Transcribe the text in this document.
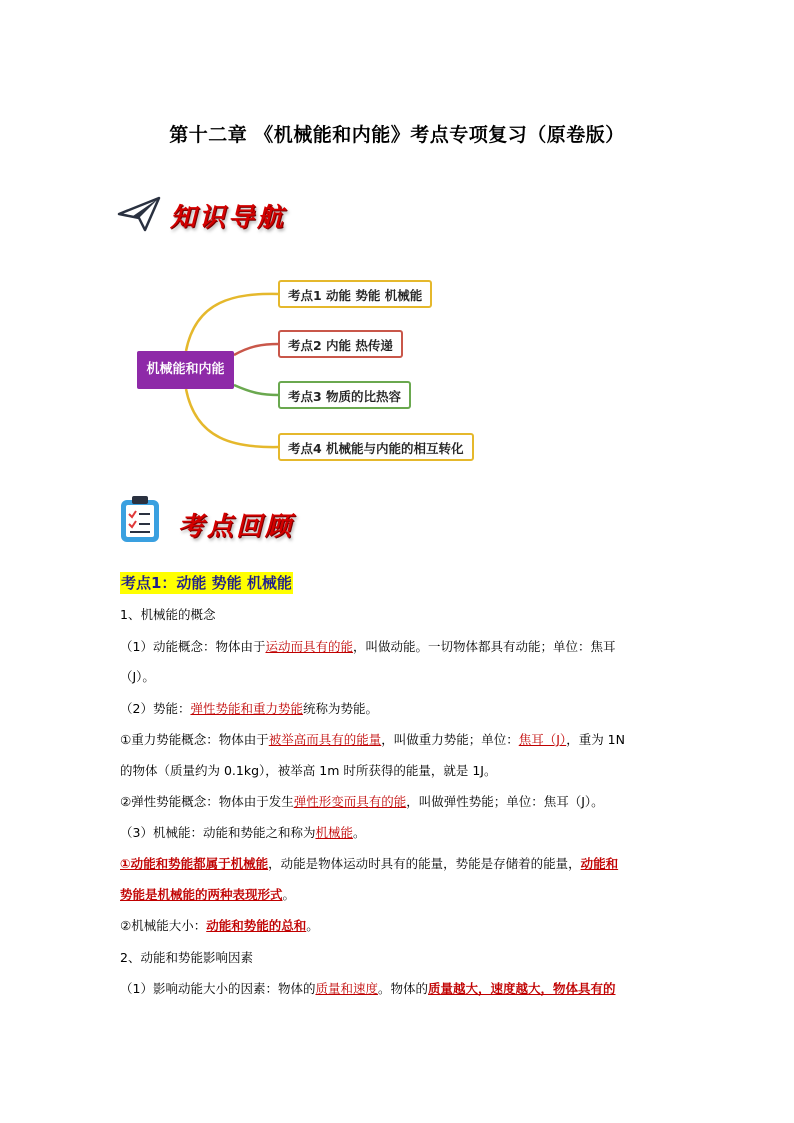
第十二章 《机械能和内能》考点专项复习（原卷版）
知识导航
机械能和内能
考点1 动能 势能 机械能
考点2 内能 热传递
考点3 物质的比热容
考点4 机械能与内能的相互转化
考点回顾
考点1：动能 势能 机械能
1、机械能的概念
（1）动能概念：物体由于运动而具有的能，叫做动能。一切物体都具有动能；单位：焦耳
（J）。
（2）势能：弹性势能和重力势能统称为势能。
①重力势能概念：物体由于被举高而具有的能量，叫做重力势能；单位：焦耳（J），重为 1N
的物体（质量约为 0.1kg），被举高 1m 时所获得的能量，就是 1J。
②弹性势能概念：物体由于发生弹性形变而具有的能，叫做弹性势能；单位：焦耳（J）。
（3）机械能：动能和势能之和称为机械能。
①动能和势能都属于机械能，动能是物体运动时具有的能量，势能是存储着的能量，动能和
势能是机械能的两种表现形式。
②机械能大小：动能和势能的总和。
2、动能和势能影响因素
（1）影响动能大小的因素：物体的质量和速度。物体的质量越大，速度越大，物体具有的
